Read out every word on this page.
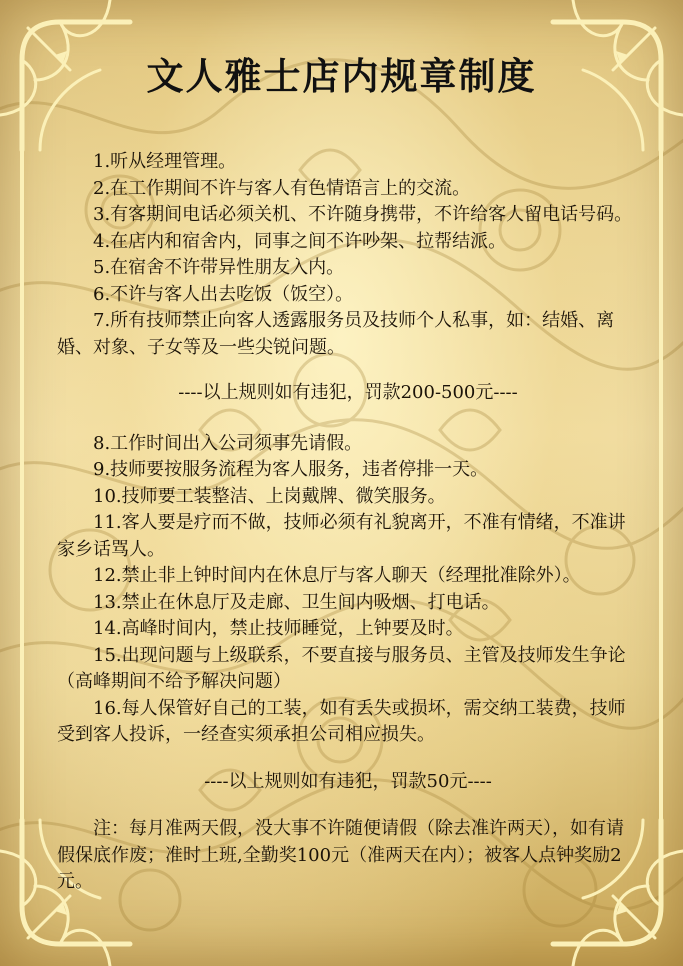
文人雅士店内规章制度

1.听从经理管理。

2.在工作期间不许与客人有色情语言上的交流。

3.有客期间电话必须关机、不许随身携带，不许给客人留电话号码。

4.在店内和宿舍内，同事之间不许吵架、拉帮结派。

5.在宿舍不许带异性朋友入内。

6.不许与客人出去吃饭（饭空）。

7.所有技师禁止向客人透露服务员及技师个人私事，如：结婚、离婚、对象、子女等及一些尖锐问题。

----以上规则如有违犯，罚款200-500元----

8.工作时间出入公司须事先请假。

9.技师要按服务流程为客人服务，违者停排一天。

10.技师要工装整洁、上岗戴牌、微笑服务。

11.客人要是疗而不做，技师必须有礼貌离开，不准有情绪，不准讲家乡话骂人。

12.禁止非上钟时间内在休息厅与客人聊天（经理批准除外）。

13.禁止在休息厅及走廊、卫生间内吸烟、打电话。

14.高峰时间内，禁止技师睡觉，上钟要及时。

15.出现问题与上级联系，不要直接与服务员、主管及技师发生争论（高峰期间不给予解决问题）

16.每人保管好自己的工装，如有丢失或损坏，需交纳工装费，技师受到客人投诉，一经查实须承担公司相应损失。

----以上规则如有违犯，罚款50元----

注：每月准两天假，没大事不许随便请假（除去准许两天），如有请假保底作废；准时上班,全勤奖100元（准两天在内）；被客人点钟奖励2元。
